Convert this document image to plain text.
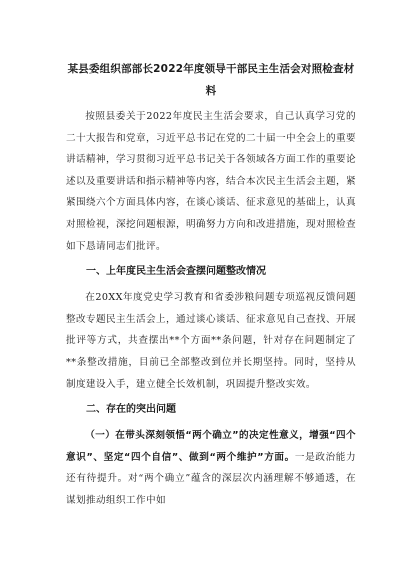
某县委组织部部长2022年度领导干部民主生活会对照检查材料

按照县委关于2022年度民主生活会要求，自己认真学习党的二十大报告和党章，习近平总书记在党的二十届一中全会上的重要讲话精神，学习贯彻习近平总书记关于各领域各方面工作的重要论述以及重要讲话和指示精神等内容，结合本次民主生活会主题，紧紧围绕六个方面具体内容，在谈心谈话、征求意见的基础上，认真对照检视，深挖问题根源，明确努力方向和改进措施，现对照检查如下恳请同志们批评。

一、上年度民主生活会查摆问题整改情况

在20XX年度党史学习教育和省委涉粮问题专项巡视反馈问题整改专题民主生活会上，通过谈心谈话、征求意见自己查找、开展批评等方式，共查摆出**个方面**条问题，针对存在问题制定了**条整改措施，目前已全部整改到位并长期坚持。同时，坚持从制度建设入手，建立健全长效机制，巩固提升整改实效。

二、存在的突出问题

（一）在带头深刻领悟“两个确立”的决定性意义，增强“四个意识”、坚定“四个自信”、做到“两个维护”方面。一是政治能力还有待提升。对“两个确立”蕴含的深层次内涵理解不够通透，在谋划推动组织工作中如
